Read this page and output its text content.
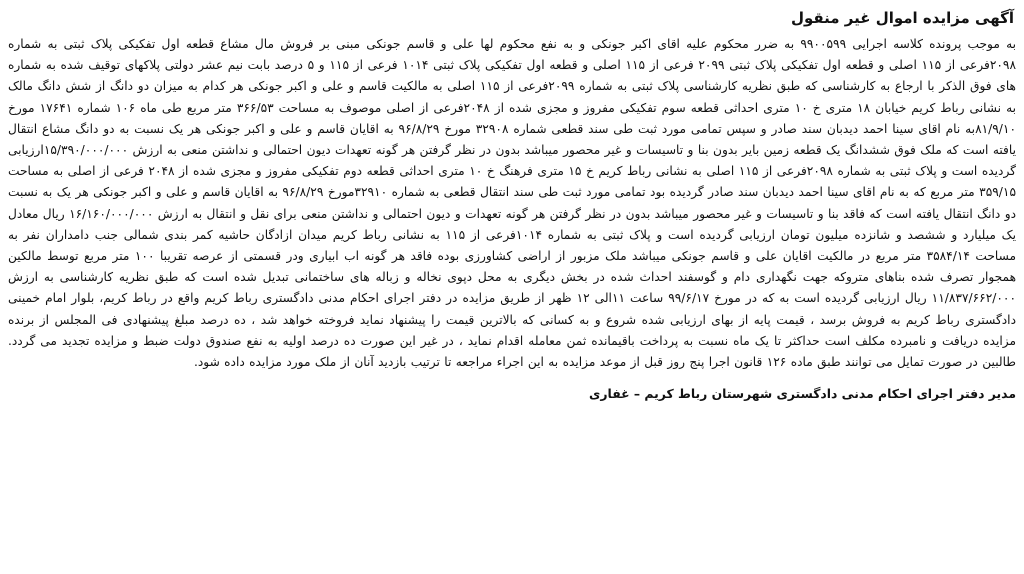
آگهی مزایده اموال غیر منقول

به موجب پرونده کلاسه اجرایی ۹۹۰۰۵۹۹ به ضرر محکوم علیه اقای اکبر جونکی و به نفع محکوم لها علی و قاسم جونکی مبنی بر فروش مال مشاع قطعه اول تفکیکی پلاک ثبتی به شماره ۲۰۹۸فرعی از ۱۱۵ اصلی و قطعه اول تفکیکی پلاک ثبتی ۲۰۹۹ فرعی از ۱۱۵ اصلی و قطعه اول تفکیکی پلاک ثبتی ۱۰۱۴ فرعی از ۱۱۵ و ۵ درصد بابت نیم عشر دولتی پلاکهای توقیف شده به شماره های فوق الذکر با ارجاع به کارشناسی که طبق نظریه کارشناسی پلاک ثبتی به شماره ۲۰۹۹فرعی از ۱۱۵ اصلی به مالکیت قاسم و علی و اکبر جونکی هر کدام به میزان دو دانگ از شش دانگ مالک به نشانی رباط کریم خیابان ۱۸ متری خ ۱۰ متری احداثی قطعه سوم تفکیکی مفروز و مجزی شده از ۲۰۴۸فرعی از اصلی موصوف به مساحت ۳۶۶/۵۳ متر مربع طی ماه ۱۰۶ شماره ۱۷۶۴۱ مورخ ۸۱/۹/۱۰به نام اقای سینا احمد دیدبان سند صادر و سپس تمامی مورد ثبت طی سند قطعی شماره ۳۲۹۰۸ مورخ ۹۶/۸/۲۹ به اقایان قاسم و علی و اکبر جونکی هر یک نسبت به دو دانگ مشاع انتقال یافته است که ملک فوق ششدانگ یک قطعه زمین بایر بدون بنا و تاسیسات و غیر محصور میباشد بدون در نظر گرفتن هر گونه تعهدات دیون احتمالی و نداشتن منعی به ارزش ۱۵/۳۹۰/۰۰۰/۰۰۰ارزیابی گردیده است و پلاک ثبتی به شماره ۲۰۹۸فرعی از ۱۱۵ اصلی به نشانی رباط کریم خ ۱۵ متری فرهنگ خ ۱۰ متری احداثی قطعه دوم تفکیکی مفروز و مجزی شده از ۲۰۴۸ فرعی از اصلی به مساحت ۳۵۹/۱۵ متر مربع که به نام اقای سینا احمد دیدبان سند صادر گردیده بود تمامی مورد ثبت طی سند انتقال قطعی به شماره ۳۲۹۱۰مورخ ۹۶/۸/۲۹ به اقایان قاسم و علی و اکبر جونکی هر یک به نسبت دو دانگ انتقال یافته است که فاقد بنا و تاسیسات و غیر محصور میباشد بدون در نظر گرفتن هر گونه تعهدات و دیون احتمالی و نداشتن منعی برای نقل و انتقال به ارزش ۱۶/۱۶۰/۰۰۰/۰۰۰ ریال معادل یک میلیارد و ششصد و شانزده میلیون تومان ارزیابی گردیده است و پلاک ثبتی به شماره ۱۰۱۴فرعی از ۱۱۵ به نشانی رباط کریم میدان ازادگان حاشیه کمر بندی شمالی جنب دامداران نفر به مساحت ۳۵۸۴/۱۴ متر مربع در مالکیت اقایان علی و قاسم جونکی میباشد ملک مزبور از اراضی کشاورزی بوده فاقد هر گونه اب ابیاری ودر قسمتی از عرصه تقریبا ۱۰۰ متر مربع توسط مالکین همجوار تصرف شده بناهای متروکه جهت نگهداری دام و گوسفند احداث شده در بخش دیگری به محل دپوی نخاله و زباله های ساختمانی تبدیل شده است که طبق نظریه کارشناسی به ارزش ۱۱/۸۳۷/۶۶۲/۰۰۰ ریال ارزیابی گردیده است به که در مورخ ۹۹/۶/۱۷ ساعت ۱۱الی ۱۲ ظهر از طریق مزایده در دفتر اجرای احکام مدنی دادگستری رباط کریم واقع در رباط کریم، بلوار امام خمینی دادگستری رباط کریم به فروش برسد ، قیمت پایه از بهای ارزیابی شده شروع و به کسانی که بالاترین قیمت را پیشنهاد نماید فروخته خواهد شد ، ده درصد مبلغ پیشنهادی فی المجلس از برنده مزایده دریافت و نامبرده مکلف است حداکثر تا یک ماه نسبت به پرداخت باقیمانده ثمن معامله اقدام نماید ، در غیر این صورت ده درصد اولیه به نفع صندوق دولت ضبط و مزایده تجدید می گردد. طالبین در صورت تمایل می توانند طبق ماده ۱۲۶ قانون اجرا پنج روز قبل از موعد مزایده به این اجراء مراجعه تا ترتیب بازدید آنان از ملک مورد مزایده داده شود.

مدیر دفتر اجرای احکام مدنی دادگستری شهرستان رباط کریم – غفاری
